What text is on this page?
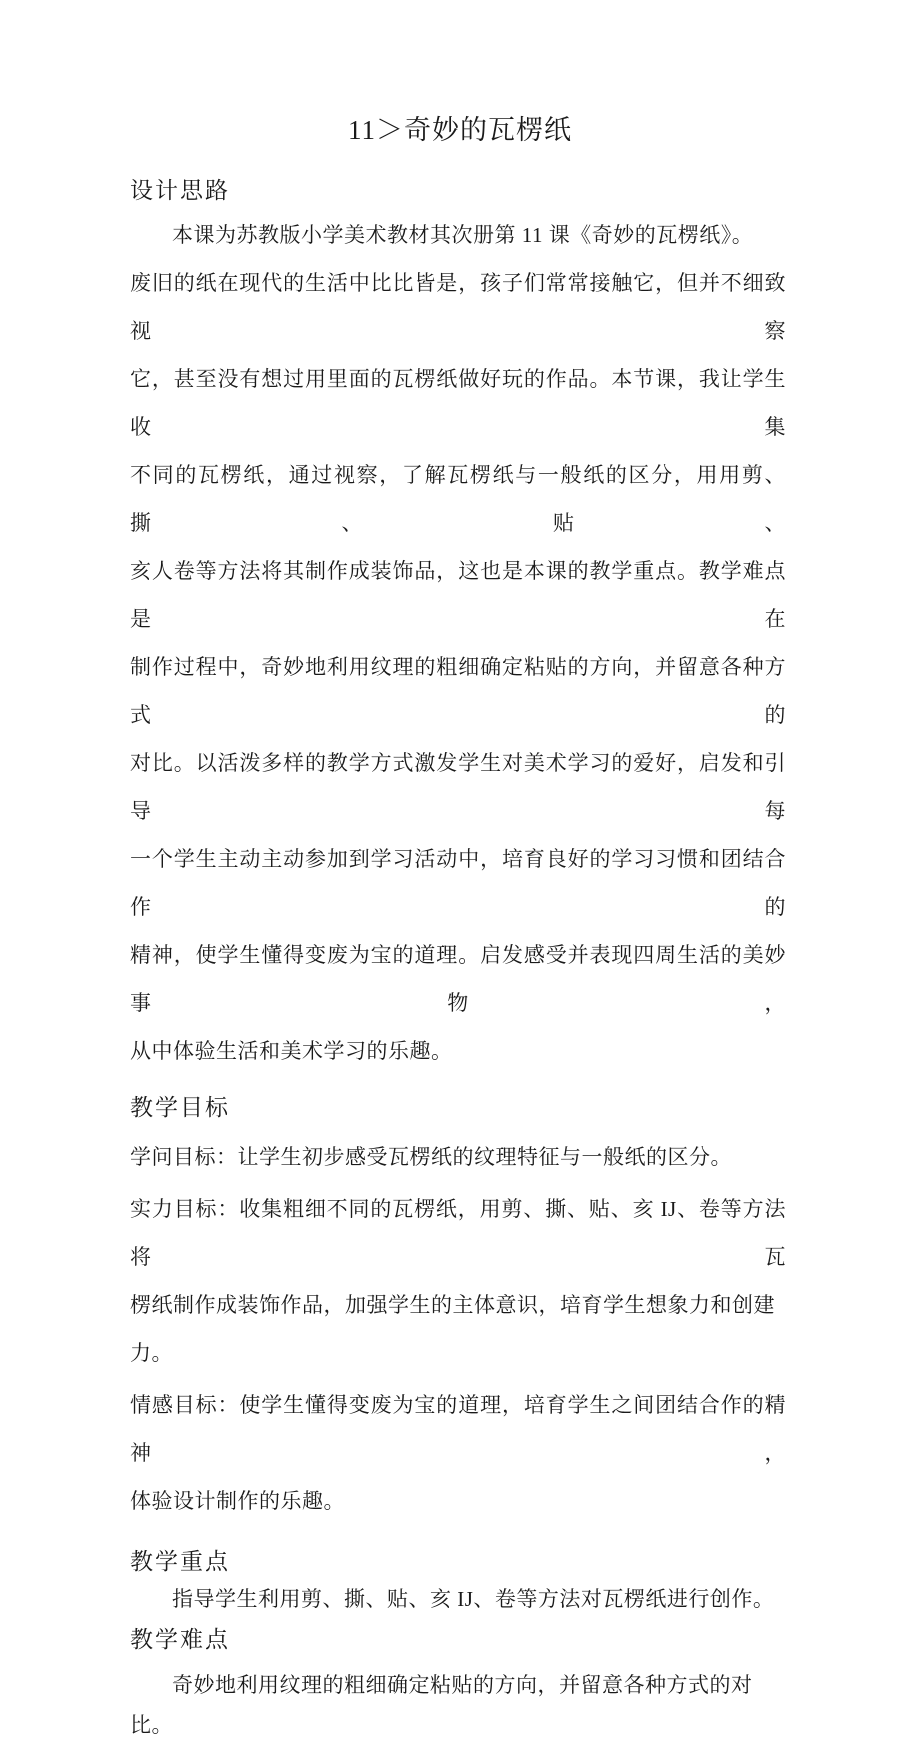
11＞奇妙的瓦楞纸
设计思路
本课为苏教版小学美术教材其次册第 11 课《奇妙的瓦楞纸》。
废旧的纸在现代的生活中比比皆是，孩子们常常接触它，但并不细致视察
它，甚至没有想过用里面的瓦楞纸做好玩的作品。本节课，我让学生收集
不同的瓦楞纸，通过视察，了解瓦楞纸与一般纸的区分，用用剪、撕、贴、
亥人卷等方法将其制作成装饰品，这也是本课的教学重点。教学难点是在
制作过程中，奇妙地利用纹理的粗细确定粘贴的方向，并留意各种方式的
对比。以活泼多样的教学方式激发学生对美术学习的爱好，启发和引导每
一个学生主动主动参加到学习活动中，培育良好的学习习惯和团结合作的
精神，使学生懂得变废为宝的道理。启发感受并表现四周生活的美妙事物，
从中体验生活和美术学习的乐趣。
教学目标
学问目标：让学生初步感受瓦楞纸的纹理特征与一般纸的区分。
实力目标：收集粗细不同的瓦楞纸，用剪、撕、贴、亥 IJ、卷等方法将瓦
楞纸制作成装饰作品，加强学生的主体意识，培育学生想象力和创建力。
情感目标：使学生懂得变废为宝的道理，培育学生之间团结合作的精神，
体验设计制作的乐趣。
教学重点
指导学生利用剪、撕、贴、亥 IJ、卷等方法对瓦楞纸进行创作。
教学难点
奇妙地利用纹理的粗细确定粘贴的方向，并留意各种方式的对比。
